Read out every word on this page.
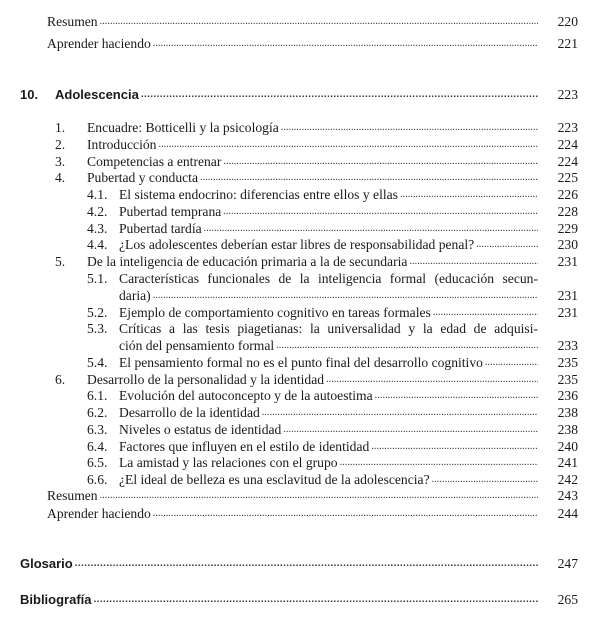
Resumen . . .	220
Aprender haciendo . . .	221
10.	Adolescencia . . .	223
1.	Encuadre: Botticelli y la psicología . . .	223
2.	Introducción . . .	224
3.	Competencias a entrenar . . .	224
4.	Pubertad y conducta . . .	225
4.1. El sistema endocrino: diferencias entre ellos y ellas . . .	226
4.2. Pubertad temprana . . .	228
4.3. Pubertad tardía . . .	229
4.4. ¿Los adolescentes deberían estar libres de responsabilidad penal? . . .	230
5.	De la inteligencia de educación primaria a la de secundaria . . .	231
5.1. Características funcionales de la inteligencia formal (educación secun-
daria) . . .	231
5.2. Ejemplo de comportamiento cognitivo en tareas formales . . .	231
5.3. Críticas a las tesis piagetianas: la universalidad y la edad de adquisi-
ción del pensamiento formal . . .	233
5.4. El pensamiento formal no es el punto final del desarrollo cognitivo . . .	235
6.	Desarrollo de la personalidad y la identidad . . .	235
6.1. Evolución del autoconcepto y de la autoestima . . .	236
6.2. Desarrollo de la identidad . . .	238
6.3. Niveles o estatus de identidad . . .	238
6.4. Factores que influyen en el estilo de identidad . . .	240
6.5. La amistad y las relaciones con el grupo . . .	241
6.6. ¿El ideal de belleza es una esclavitud de la adolescencia? . . .	242
Resumen . . .	243
Aprender haciendo . . .	244
Glosario . . .	247
Bibliografía . . .	265
